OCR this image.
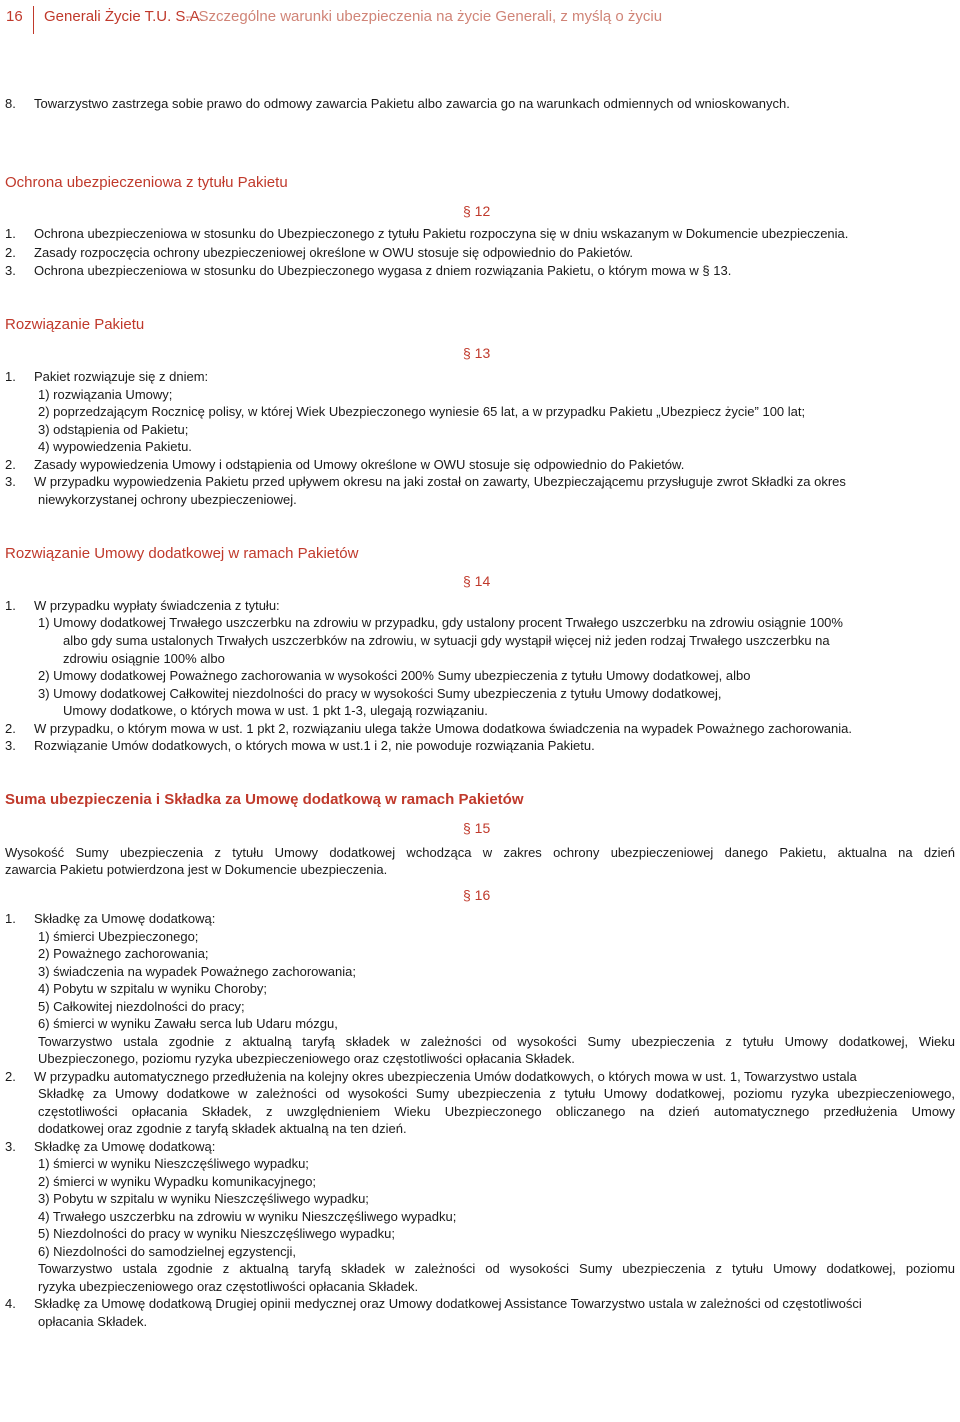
16 Generali Życie T.U. S.A.
– Szczególne warunki ubezpieczenia na życie Generali, z myślą o życiu
8. Towarzystwo zastrzega sobie prawo do odmowy zawarcia Pakietu albo zawarcia go na warunkach odmiennych od wnioskowanych.
Ochrona ubezpieczeniowa z tytułu Pakietu
§ 12
1. Ochrona ubezpieczeniowa w stosunku do Ubezpieczonego z tytułu Pakietu rozpoczyna się w dniu wskazanym w Dokumencie ubezpieczenia.
2. Zasady rozpoczęcia ochrony ubezpieczeniowej określone w OWU stosuje się odpowiednio do Pakietów.
3. Ochrona ubezpieczeniowa w stosunku do Ubezpieczonego wygasa z dniem rozwiązania Pakietu, o którym mowa w § 13.
Rozwiązanie Pakietu
§ 13
1. Pakiet rozwiązuje się z dniem:
1) rozwiązania Umowy;
2) poprzedzającym Rocznicę polisy, w której Wiek Ubezpieczonego wyniesie 65 lat, a w przypadku Pakietu „Ubezpiecz życie” 100 lat;
3) odstąpienia od Pakietu;
4) wypowiedzenia Pakietu.
2. Zasady wypowiedzenia Umowy i odstąpienia od Umowy określone w OWU stosuje się odpowiednio do Pakietów.
3. W przypadku wypowiedzenia Pakietu przed upływem okresu na jaki został on zawarty, Ubezpieczającemu przysługuje zwrot Składki za okres
niewykorzystanej ochrony ubezpieczeniowej.
Rozwiązanie Umowy dodatkowej w ramach Pakietów
§ 14
1. W przypadku wypłaty świadczenia z tytułu:
1) Umowy dodatkowej Trwałego uszczerbku na zdrowiu w przypadku, gdy ustalony procent Trwałego uszczerbku na zdrowiu osiągnie 100%
albo gdy suma ustalonych Trwałych uszczerbków na zdrowiu, w sytuacji gdy wystąpił więcej niż jeden rodzaj Trwałego uszczerbku na
zdrowiu osiągnie 100% albo
2) Umowy dodatkowej Poważnego zachorowania w wysokości 200% Sumy ubezpieczenia z tytułu Umowy dodatkowej, albo
3) Umowy dodatkowej Całkowitej niezdolności do pracy w wysokości Sumy ubezpieczenia z tytułu Umowy dodatkowej,
Umowy dodatkowe, o których mowa w ust. 1 pkt 1-3, ulegają rozwiązaniu.
2. W przypadku, o którym mowa w ust. 1 pkt 2, rozwiązaniu ulega także Umowa dodatkowa świadczenia na wypadek Poważnego zachorowania.
3. Rozwiązanie Umów dodatkowych, o których mowa w ust.1 i 2, nie powoduje rozwiązania Pakietu.
Suma ubezpieczenia i Składka za Umowę dodatkową w ramach Pakietów
§ 15
Wysokość Sumy ubezpieczenia z tytułu Umowy dodatkowej wchodząca w zakres ochrony ubezpieczeniowej danego Pakietu, aktualna na dzień
zawarcia Pakietu potwierdzona jest w Dokumencie ubezpieczenia.
§ 16
1. Składkę za Umowę dodatkową:
1) śmierci Ubezpieczonego;
2) Poważnego zachorowania;
3) świadczenia na wypadek Poważnego zachorowania;
4) Pobytu w szpitalu w wyniku Choroby;
5) Całkowitej niezdolności do pracy;
6) śmierci w wyniku Zawału serca lub Udaru mózgu,
Towarzystwo ustala zgodnie z aktualną taryfą składek w zależności od wysokości Sumy ubezpieczenia z tytułu Umowy dodatkowej, Wieku
Ubezpieczonego, poziomu ryzyka ubezpieczeniowego oraz częstotliwości opłacania Składek.
2. W przypadku automatycznego przedłużenia na kolejny okres ubezpieczenia Umów dodatkowych, o których mowa w ust. 1, Towarzystwo ustala
Składkę za Umowy dodatkowe w zależności od wysokości Sumy ubezpieczenia z tytułu Umowy dodatkowej, poziomu ryzyka ubezpieczeniowego,
częstotliwości opłacania Składek, z uwzględnieniem Wieku Ubezpieczonego obliczanego na dzień automatycznego przedłużenia Umowy
dodatkowej oraz zgodnie z taryfą składek aktualną na ten dzień.
3. Składkę za Umowę dodatkową:
1) śmierci w wyniku Nieszczęśliwego wypadku;
2) śmierci w wyniku Wypadku komunikacyjnego;
3) Pobytu w szpitalu w wyniku Nieszczęśliwego wypadku;
4) Trwałego uszczerbku na zdrowiu w wyniku Nieszczęśliwego wypadku;
5) Niezdolności do pracy w wyniku Nieszczęśliwego wypadku;
6) Niezdolności do samodzielnej egzystencji,
Towarzystwo ustala zgodnie z aktualną taryfą składek w zależności od wysokości Sumy ubezpieczenia z tytułu Umowy dodatkowej, poziomu
ryzyka ubezpieczeniowego oraz częstotliwości opłacania Składek.
4. Składkę za Umowę dodatkową Drugiej opinii medycznej oraz Umowy dodatkowej Assistance Towarzystwo ustala w zależności od częstotliwości
opłacania Składek.
